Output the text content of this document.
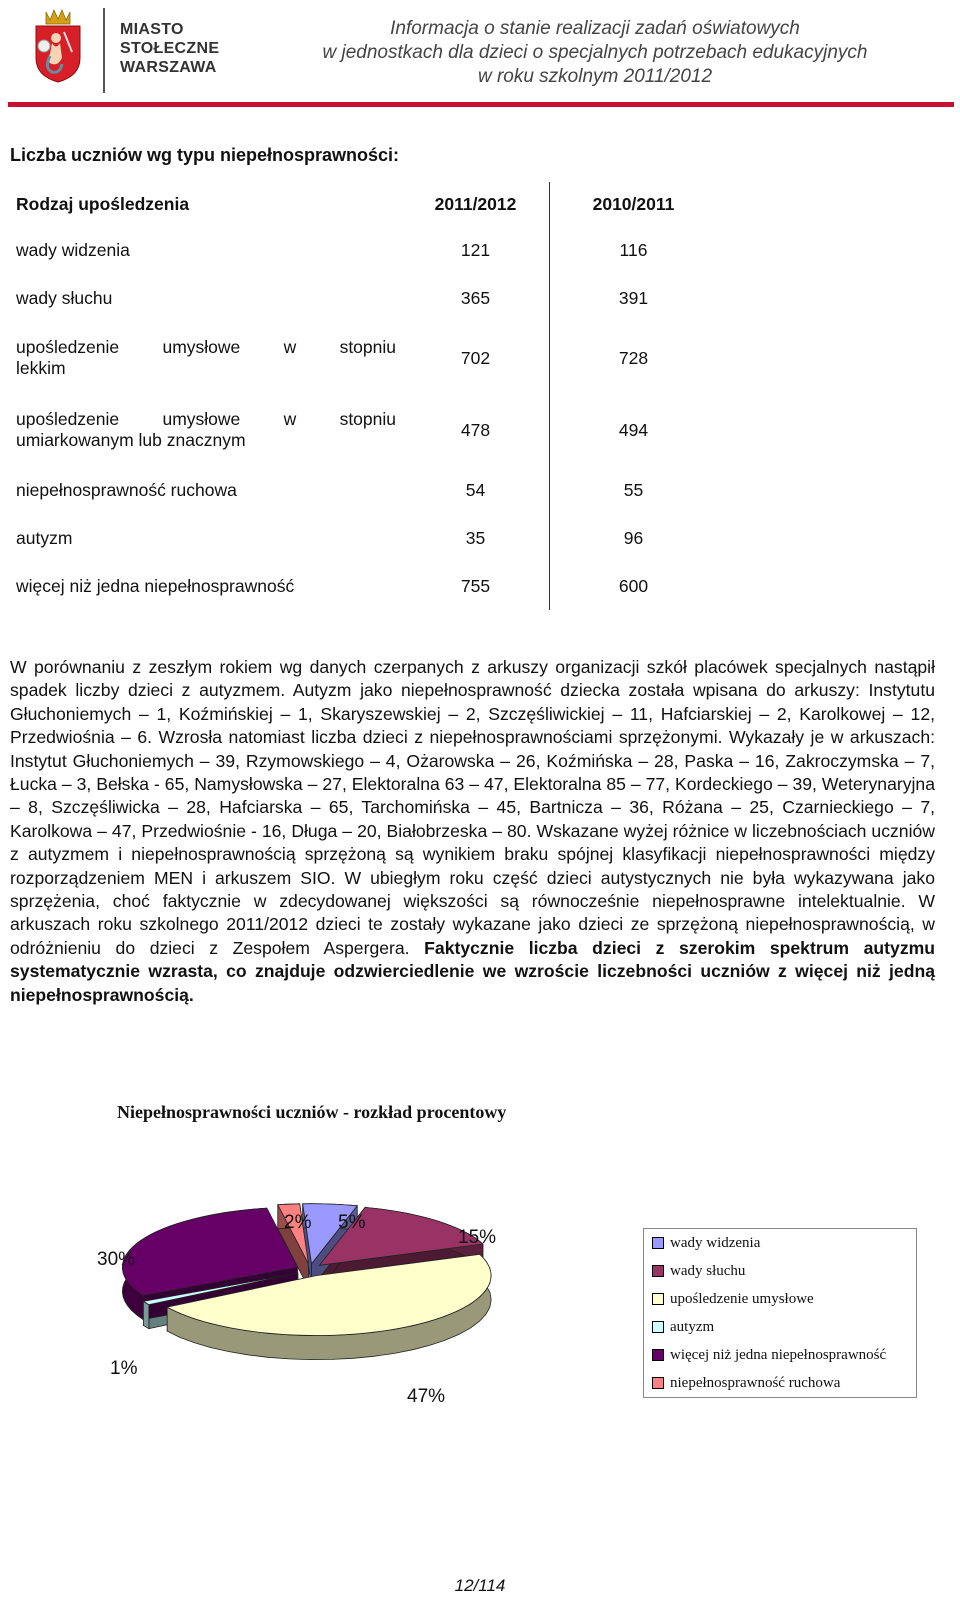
MIASTO
STOŁECZNE
WARSZAWA
Informacja o stanie realizacji zadań oświatowych
w jednostkach dla dzieci o specjalnych potrzebach edukacyjnych
w roku szkolnym 2011/2012
Liczba uczniów wg typu niepełnosprawności:
Rodzaj upośledzenia	2011/2012	2010/2011
wady widzenia	121	116
wady słuchu	365	391

upośledzenie umysłowe w stopniu
lekkim	702	728

upośledzenie umysłowe w stopniu
umiarkowanym lub znacznym	478	494
niepełnosprawność ruchowa	54	55
autyzm	35	96
więcej niż jedna niepełnosprawność	755	600
W porównaniu z zeszłym rokiem wg danych czerpanych z arkuszy organizacji szkół placówek specjalnych nastąpił spadek liczby dzieci z autyzmem. Autyzm jako niepełnosprawność dziecka została wpisana do arkuszy: Instytutu Głuchoniemych – 1, Koźmińskiej – 1, Skaryszewskiej – 2, Szczęśliwickiej – 11, Hafciarskiej – 2, Karolkowej – 12, Przedwiośnia – 6. Wzrosła natomiast liczba dzieci z niepełnosprawnościami sprzężonymi. Wykazały je w arkuszach: Instytut Głuchoniemych – 39, Rzymowskiego – 4, Ożarowska – 26, Koźmińska – 28, Paska – 16, Zakroczymska – 7, Łucka – 3, Bełska - 65, Namysłowska – 27, Elektoralna 63 – 47, Elektoralna 85 – 77, Kordeckiego – 39, Weterynaryjna – 8, Szczęśliwicka – 28, Hafciarska – 65, Tarchomińska – 45, Bartnicza – 36, Różana – 25, Czarnieckiego – 7, Karolkowa – 47, Przedwiośnie - 16, Długa – 20, Białobrzeska – 80. Wskazane wyżej różnice w liczebnościach uczniów z autyzmem i niepełnosprawnością sprzężoną są wynikiem braku spójnej klasyfikacji niepełnosprawności między rozporządzeniem MEN i arkuszem SIO. W ubiegłym roku część dzieci autystycznych nie była wykazywana jako sprzężenia, choć faktycznie w zdecydowanej większości są równocześnie niepełnosprawne intelektualnie. W arkuszach roku szkolnego 2011/2012 dzieci te zostały wykazane jako dzieci ze sprzężoną niepełnosprawnością, w odróżnieniu do dzieci z Zespołem Aspergera. Faktycznie liczba dzieci z szerokim spektrum autyzmu systematycznie wzrasta, co znajduje odzwierciedlenie we wzroście liczebności uczniów z więcej niż jedną niepełnosprawnością.
Niepełnosprawności uczniów - rozkład procentowy
wady widzenia
wady słuchu
upośledzenie umysłowe
autyzm
więcej niż jedna niepełnosprawność
niepełnosprawność ruchowa
5%
15%
47%
1%
30%
2%
12/114
